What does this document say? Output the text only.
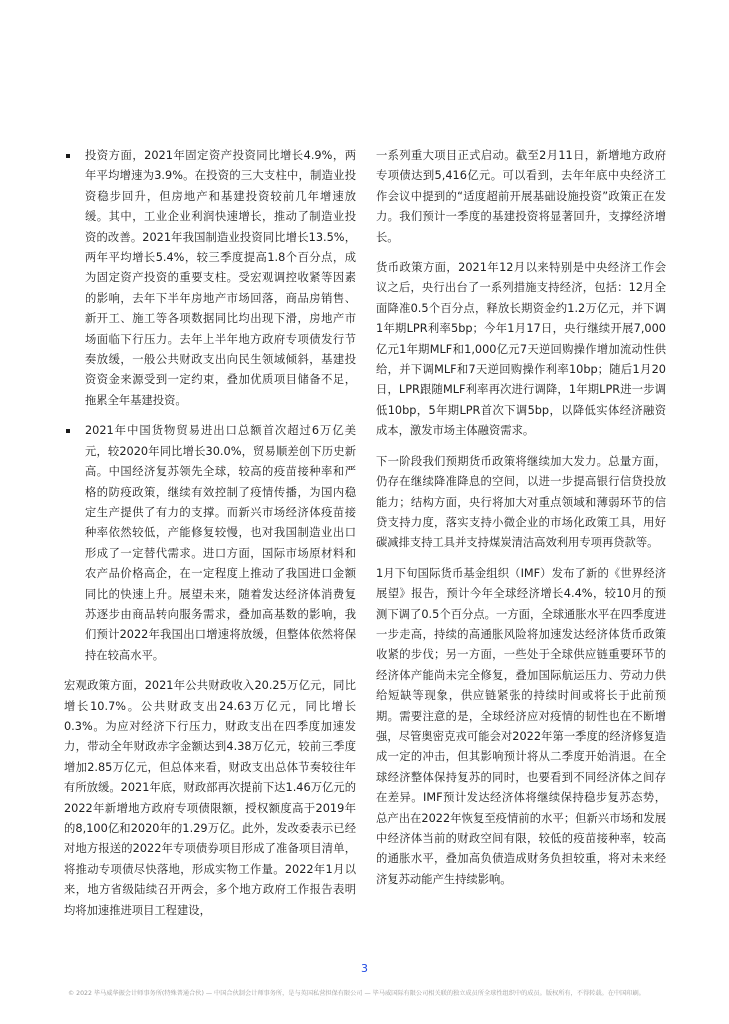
投资方面，2021年固定资产投资同比增长4.9%，两年平均增速为3.9%。在投资的三大支柱中，制造业投资稳步回升，但房地产和基建投资较前几年增速放缓。其中，工业企业利润快速增长，推动了制造业投资的改善。2021年我国制造业投资同比增长13.5%，两年平均增长5.4%，较三季度提高1.8个百分点，成为固定资产投资的重要支柱。受宏观调控收紧等因素的影响，去年下半年房地产市场回落，商品房销售、新开工、施工等各项数据同比均出现下滑，房地产市场面临下行压力。去年上半年地方政府专项债发行节奏放缓，一般公共财政支出向民生领域倾斜，基建投资资金来源受到一定约束，叠加优质项目储备不足，拖累全年基建投资。
2021年中国货物贸易进出口总额首次超过6万亿美元，较2020年同比增长30.0%，贸易顺差创下历史新高。中国经济复苏领先全球，较高的疫苗接种率和严格的防疫政策，继续有效控制了疫情传播，为国内稳定生产提供了有力的支撑。而新兴市场经济体疫苗接种率依然较低，产能修复较慢，也对我国制造业出口形成了一定替代需求。进口方面，国际市场原材料和农产品价格高企，在一定程度上推动了我国进口金额同比的快速上升。展望未来，随着发达经济体消费复苏逐步由商品转向服务需求，叠加高基数的影响，我们预计2022年我国出口增速将放缓，但整体依然将保持在较高水平。

宏观政策方面，2021年公共财政收入20.25万亿元，同比增长10.7%。公共财政支出24.63万亿元，同比增长0.3%。为应对经济下行压力，财政支出在四季度加速发力，带动全年财政赤字金额达到4.38万亿元，较前三季度增加2.85万亿元，但总体来看，财政支出总体节奏较往年有所放缓。2021年底，财政部再次提前下达1.46万亿元的2022年新增地方政府专项债限额，授权额度高于2019年的8,100亿和2020年的1.29万亿。此外，发改委表示已经对地方报送的2022年专项债券项目形成了准备项目清单，将推动专项债尽快落地，形成实物工作量。2022年1月以来，地方省级陆续召开两会，多个地方政府工作报告表明均将加速推进项目工程建设，

一系列重大项目正式启动。截至2月11日，新增地方政府专项债达到5,416亿元。可以看到，去年年底中央经济工作会议中提到的“适度超前开展基础设施投资”政策正在发力。我们预计一季度的基建投资将显著回升，支撑经济增长。

货币政策方面，2021年12月以来特别是中央经济工作会议之后，央行出台了一系列措施支持经济，包括：12月全面降准0.5个百分点，释放长期资金约1.2万亿元，并下调1年期LPR利率5bp；今年1月17日，央行继续开展7,000亿元1年期MLF和1,000亿元7天逆回购操作增加流动性供给，并下调MLF和7天逆回购操作利率10bp；随后1月20日，LPR跟随MLF利率再次进行调降，1年期LPR进一步调低10bp，5年期LPR首次下调5bp，以降低实体经济融资成本，激发市场主体融资需求。

下一阶段我们预期货币政策将继续加大发力。总量方面，仍存在继续降准降息的空间，以进一步提高银行信贷投放能力；结构方面，央行将加大对重点领域和薄弱环节的信贷支持力度，落实支持小微企业的市场化政策工具，用好碳减排支持工具并支持煤炭清洁高效利用专项再贷款等。

1月下旬国际货币基金组织（IMF）发布了新的《世界经济展望》报告，预计今年全球经济增长4.4%，较10月的预测下调了0.5个百分点。一方面，全球通胀水平在四季度进一步走高，持续的高通胀风险将加速发达经济体货币政策收紧的步伐；另一方面，一些处于全球供应链重要环节的经济体产能尚未完全修复，叠加国际航运压力、劳动力供给短缺等现象，供应链紧张的持续时间或将长于此前预期。需要注意的是，全球经济应对疫情的韧性也在不断增强，尽管奥密克戎可能会对2022年第一季度的经济修复造成一定的冲击，但其影响预计将从二季度开始消退。在全球经济整体保持复苏的同时，也要看到不同经济体之间存在差异。IMF预计发达经济体将继续保持稳步复苏态势，总产出在2022年恢复至疫情前的水平；但新兴市场和发展中经济体当前的财政空间有限，较低的疫苗接种率，较高的通胀水平，叠加高负债造成财务负担较重，将对未来经济复苏动能产生持续影响。

3
© 2022 毕马威华振会计师事务所(特殊普通合伙) — 中国合伙制会计师事务所，是与英国私营担保有限公司 — 毕马威国际有限公司相关联的独立成员所全球性组织中的成员。版权所有，不得转载。在中国印刷。
